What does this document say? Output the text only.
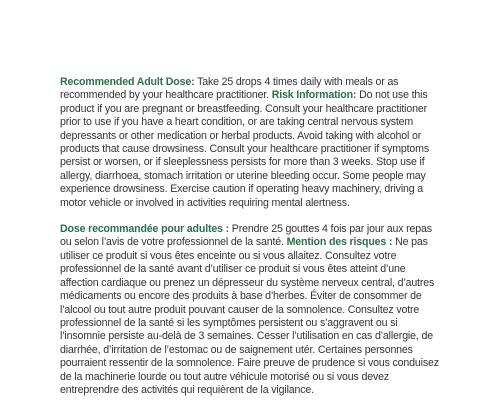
Recommended Adult Dose: Take 25 drops 4 times daily with meals or as recommended by your healthcare practitioner. Risk Information: Do not use this product if you are pregnant or breastfeeding. Consult your healthcare practitioner prior to use if you have a heart condition, or are taking central nervous system depressants or other medication or herbal products. Avoid taking with alcohol or products that cause drowsiness. Consult your healthcare practitioner if symptoms persist or worsen, or if sleeplessness persists for more than 3 weeks. Stop use if allergy, diarrhoea, stomach irritation or uterine bleeding occur. Some people may experience drowsiness. Exercise caution if operating heavy machinery, driving a motor vehicle or involved in activities requiring mental alertness.

Dose recommandée pour adultes : Prendre 25 gouttes 4 fois par jour aux repas ou selon l’avis de votre professionnel de la santé. Mention des risques : Ne pas utiliser ce produit si vous êtes enceinte ou si vous allaitez. Consultez votre professionnel de la santé avant d’utiliser ce produit si vous êtes atteint d’une affection cardiaque ou prenez un dépresseur du système nerveux central, d’autres médicaments ou encore des produits à base d’herbes. Éviter de consommer de l’alcool ou tout autre produit pouvant causer de la somnolence. Consultez votre professionnel de la santé si les symptômes persistent ou s’aggravent ou si l’insomnie persiste au-delà de 3 semaines. Cesser l’utilisation en cas d’allergie, de diarrhée, d’irritation de l’estomac ou de saignement utér. Certaines personnes pourraient ressentir de la somnolence. Faire preuve de prudence si vous conduisez de la machinerie lourde ou tout autre véhicule motorisé ou si vous devez entreprendre des activités qui requièrent de la vigilance.
